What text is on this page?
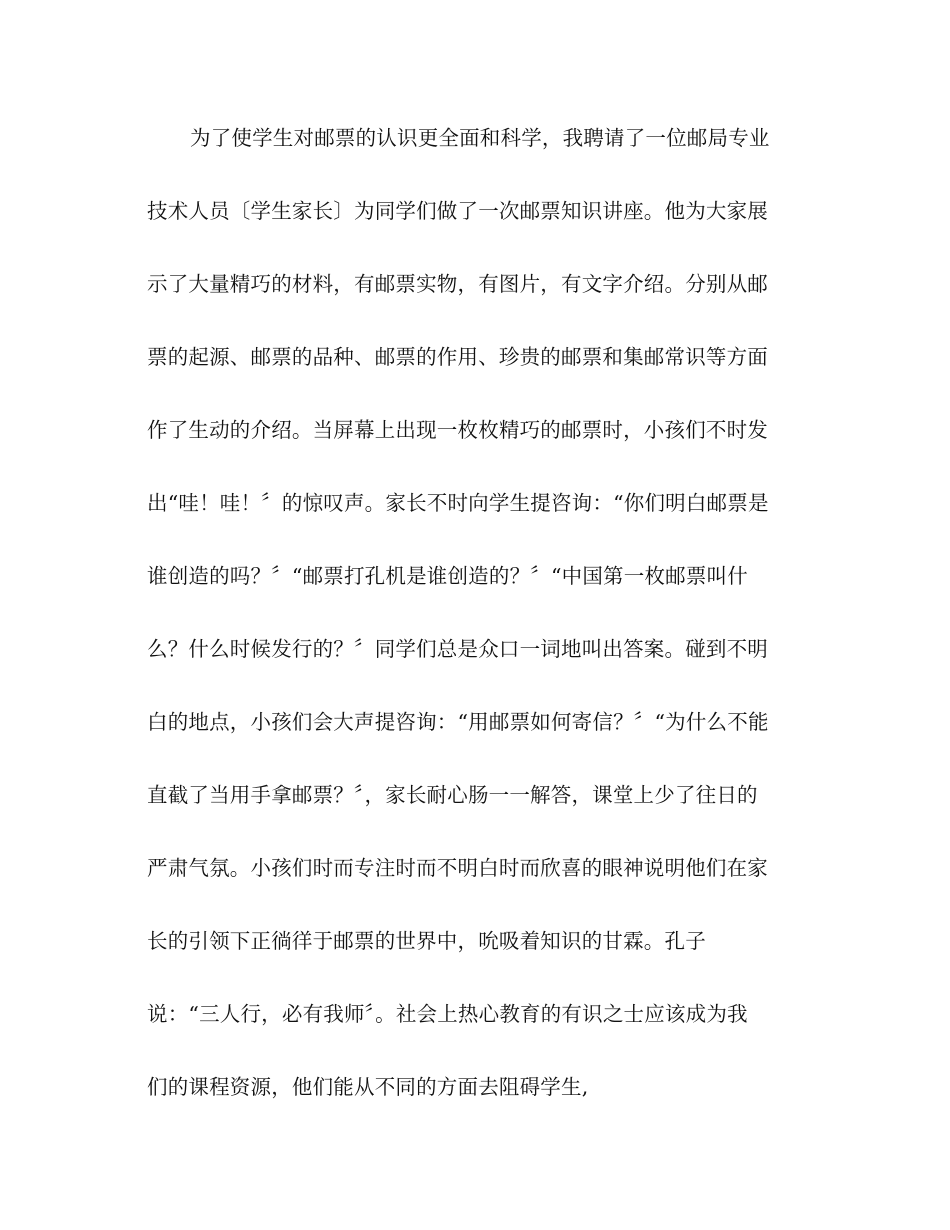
为了使学生对邮票的认识更全面和科学，我聘请了一位邮局专业
技术人员〔学生家长〕为同学们做了一次邮票知识讲座。他为大家展
示了大量精巧的材料，有邮票实物，有图片，有文字介绍。分别从邮
票的起源、邮票的品种、邮票的作用、珍贵的邮票和集邮常识等方面
作了生动的介绍。当屏幕上出现一枚枚精巧的邮票时，小孩们不时发
出“哇！哇！〞的惊叹声。家长不时向学生提咨询：“你们明白邮票是
谁创造的吗？〞“邮票打孔机是谁创造的？〞“中国第一枚邮票叫什
么？什么时候发行的？〞同学们总是众口一词地叫出答案。碰到不明
白的地点，小孩们会大声提咨询：“用邮票如何寄信？〞“为什么不能
直截了当用手拿邮票？〞，家长耐心肠一一解答，课堂上少了往日的
严肃气氛。小孩们时而专注时而不明白时而欣喜的眼神说明他们在家
长的引领下正徜徉于邮票的世界中，吮吸着知识的甘霖。孔子
说：“三人行，必有我师〞。社会上热心教育的有识之士应该成为我
们的课程资源，他们能从不同的方面去阻碍学生,
